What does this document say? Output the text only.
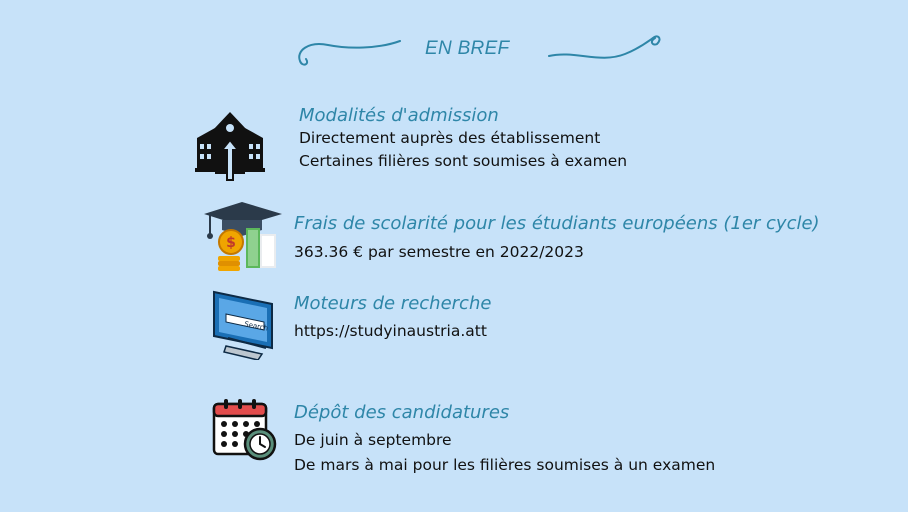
EN BREF
Modalités d'admission
Directement auprès des établissement
Certaines filières sont soumises à examen
$
Frais de scolarité pour les étudiants européens (1er cycle)
363.36 € par semestre en 2022/2023
Search
Moteurs de recherche
https://studyinaustria.att
Dépôt des candidatures
De juin à septembre
De mars à mai pour les filières soumises à un examen
